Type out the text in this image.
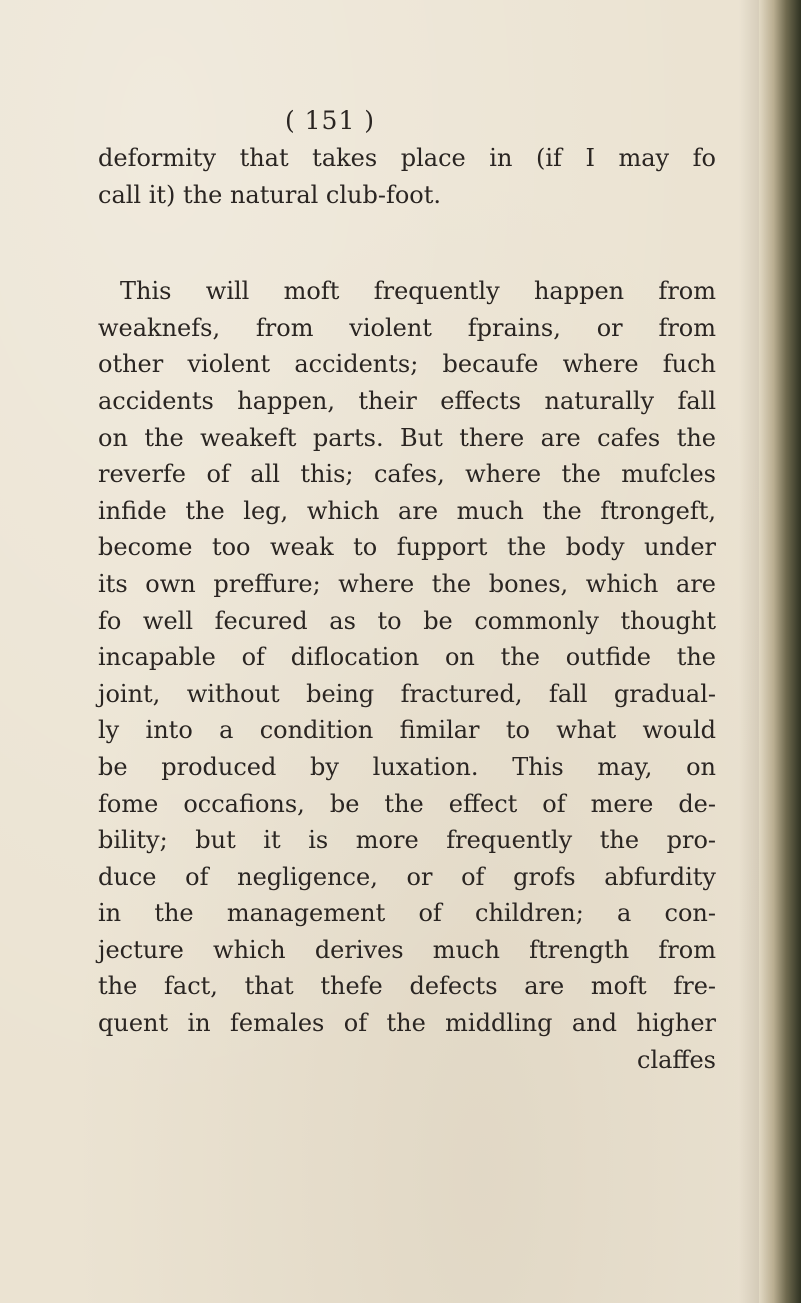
( 151 )
deformity that takes place in (if I may fo
call it) the natural club-foot.
This will moft frequently happen from
weaknefs, from violent fprains, or from
other violent accidents; becaufe where fuch
accidents happen, their effects naturally fall
on the weakeft parts. But there are cafes the
reverfe of all this; cafes, where the mufcles
infide the leg, which are much the ftrongeft,
become too weak to fupport the body under
its own preffure; where the bones, which are
fo well fecured as to be commonly thought
incapable of diflocation on the outfide the
joint, without being fractured, fall gradual-
ly into a condition fimilar to what would
be produced by luxation. This may, on
fome occafions, be the effect of mere de-
bility; but it is more frequently the pro-
duce of negligence, or of grofs abfurdity
in the management of children; a con-
jecture which derives much ftrength from
the fact, that thefe defects are moft fre-
quent in females of the middling and higher
claffes
